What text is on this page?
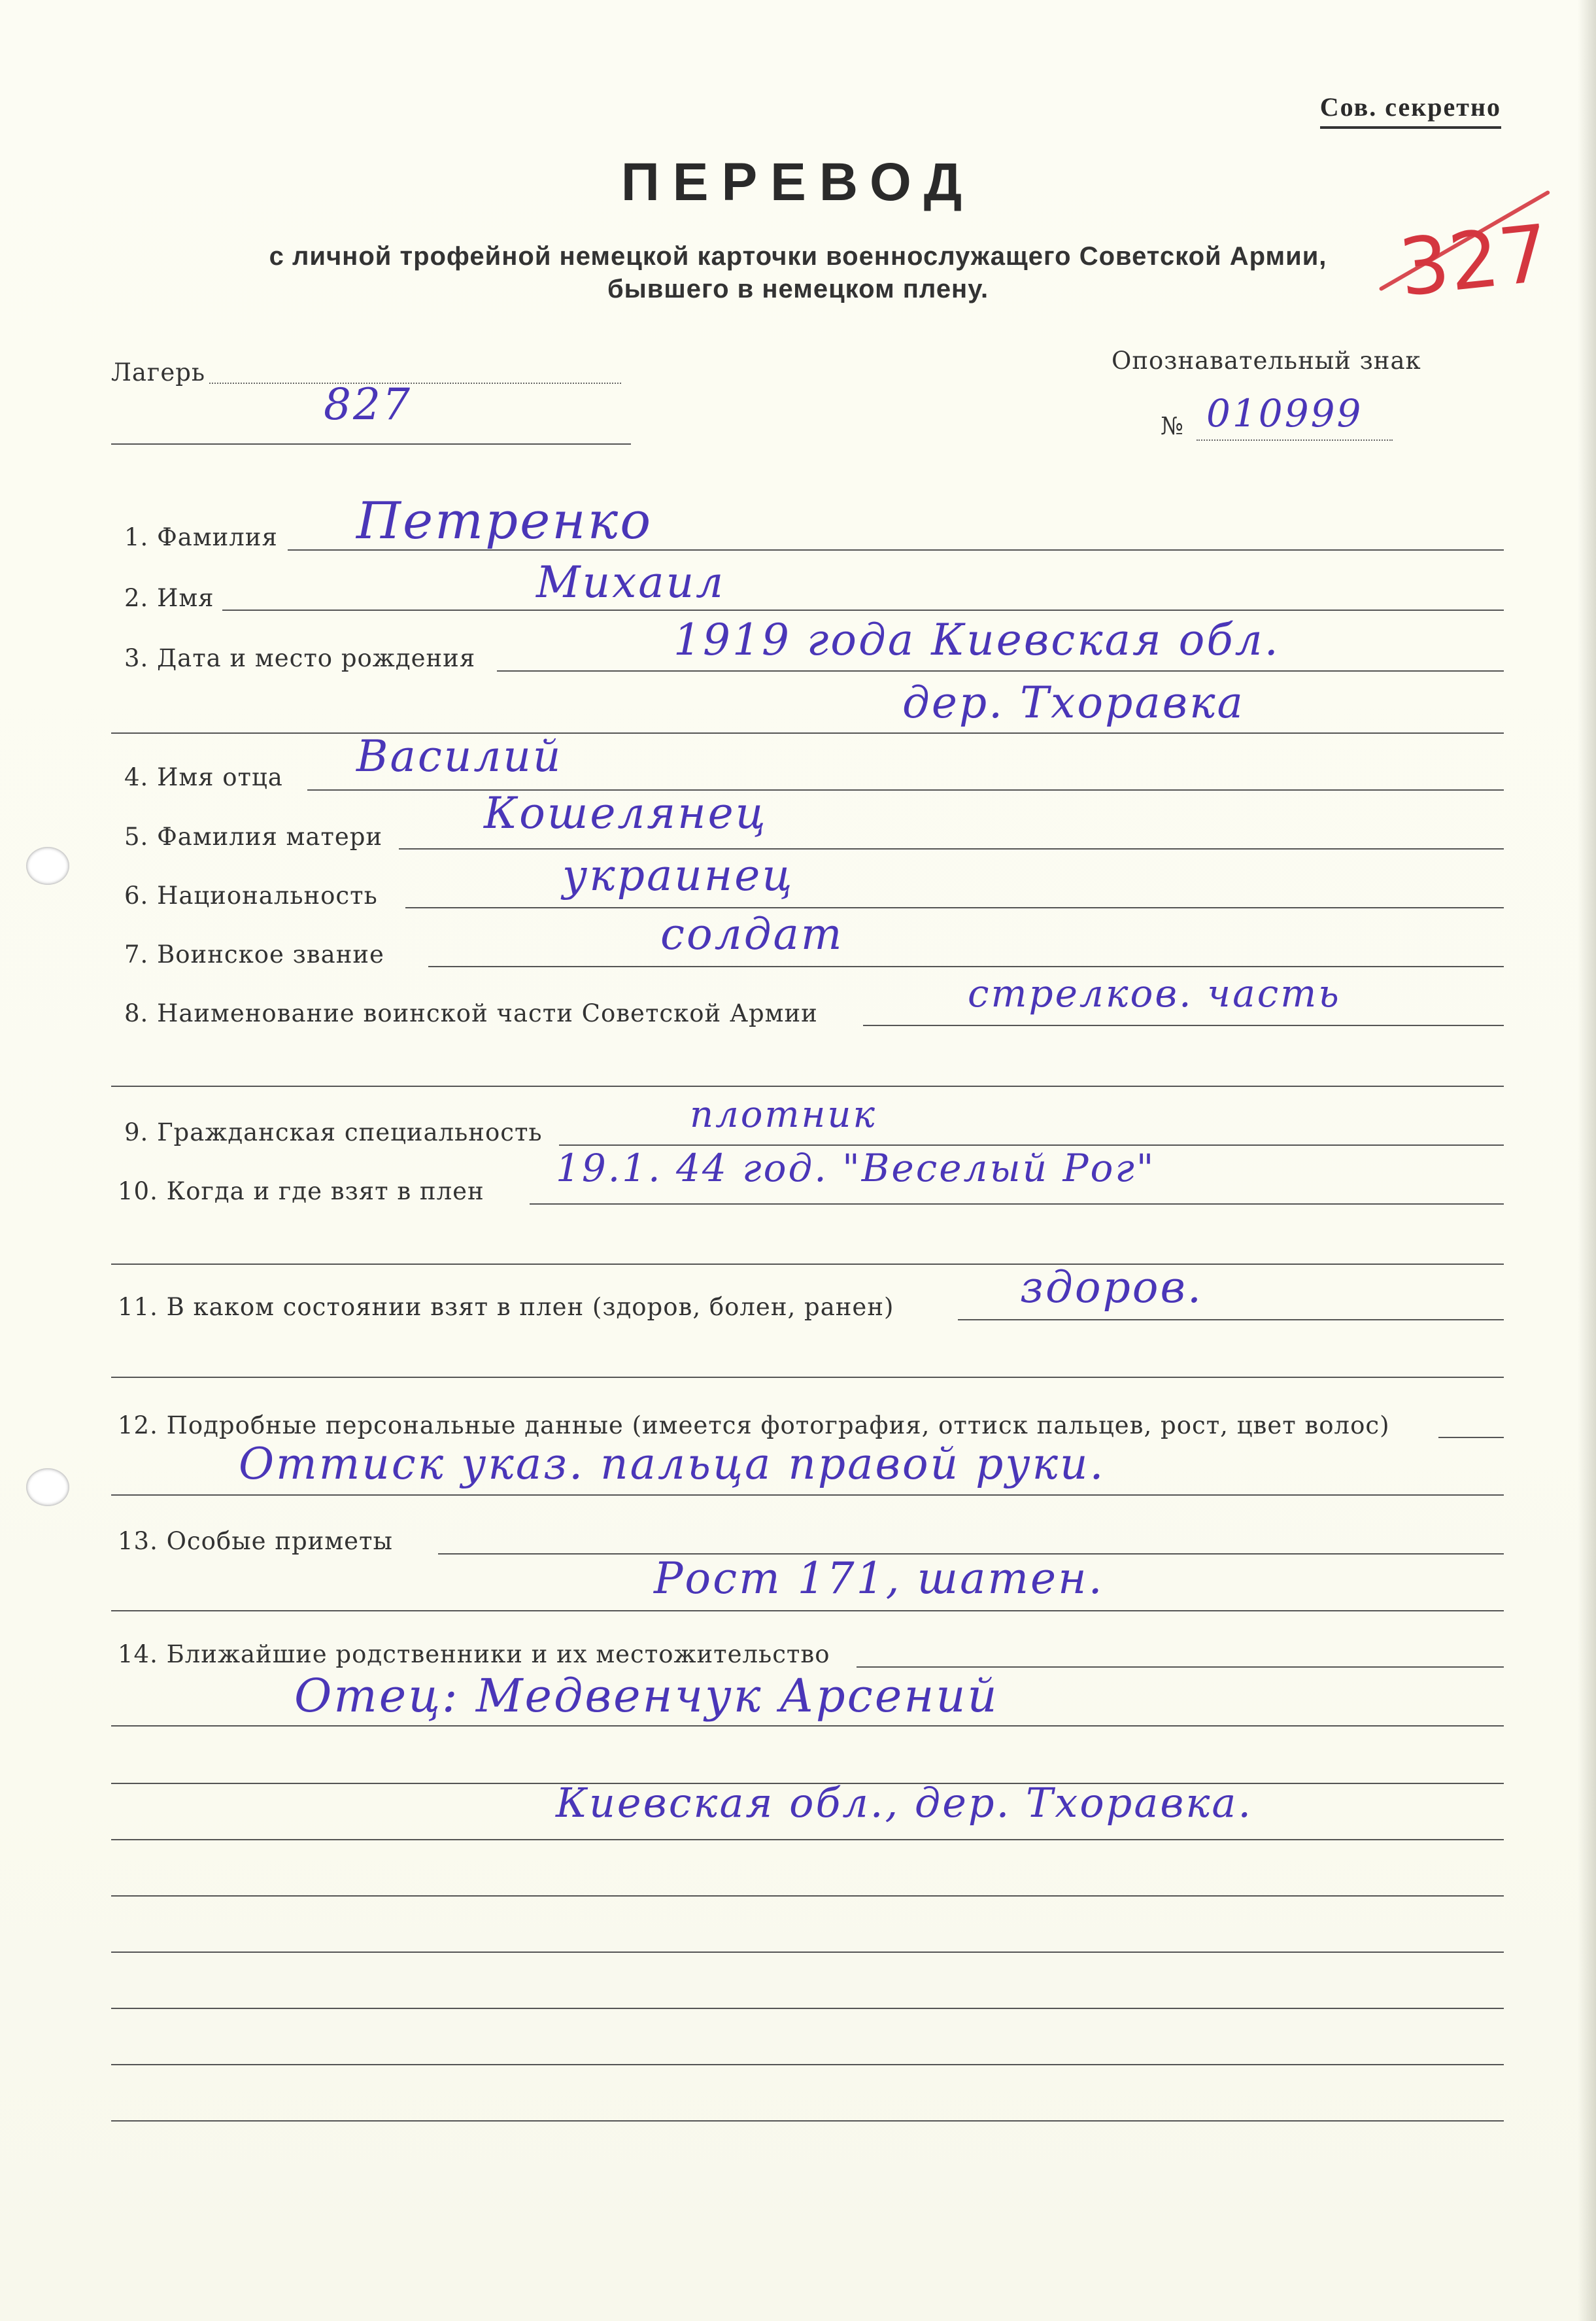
Сов. секретно
ПЕРЕВОД
с личной трофейной немецкой карточки военнослужащего Советской Армии,
бывшего в немецком плену.	327
Лагерь
827
Опознавательный знак
№ 010999
1. Фамилия Петренко
2. Имя	Михаил
3. Дата и место рождения	1919 года Киевская обл.
дер. Тхоравка
4. Имя отца Василий
5. Фамилия матери Кошелянец
6. Национальность	украинец
7. Воинское звание	солдат
8. Наименование воинской части Советской Армии	стрелков. часть
9. Гражданская специальность	плотник
10. Когда и где взят в плен
19.1. 44 год. "Веселый Рог"
11. В каком состоянии взят в плен (здоров, болен, ранен)	здоров.
12. Подробные персональные данные (имеется фотография, оттиск пальцев, рост, цвет волос)
Оттиск указ. пальца правой руки.
13. Особые приметы
Рост 171, шатен.
14. Ближайшие родственники и их местожительство
Отец: Медвенчук Арсений
Киевская обл., дер. Тхоравка.
